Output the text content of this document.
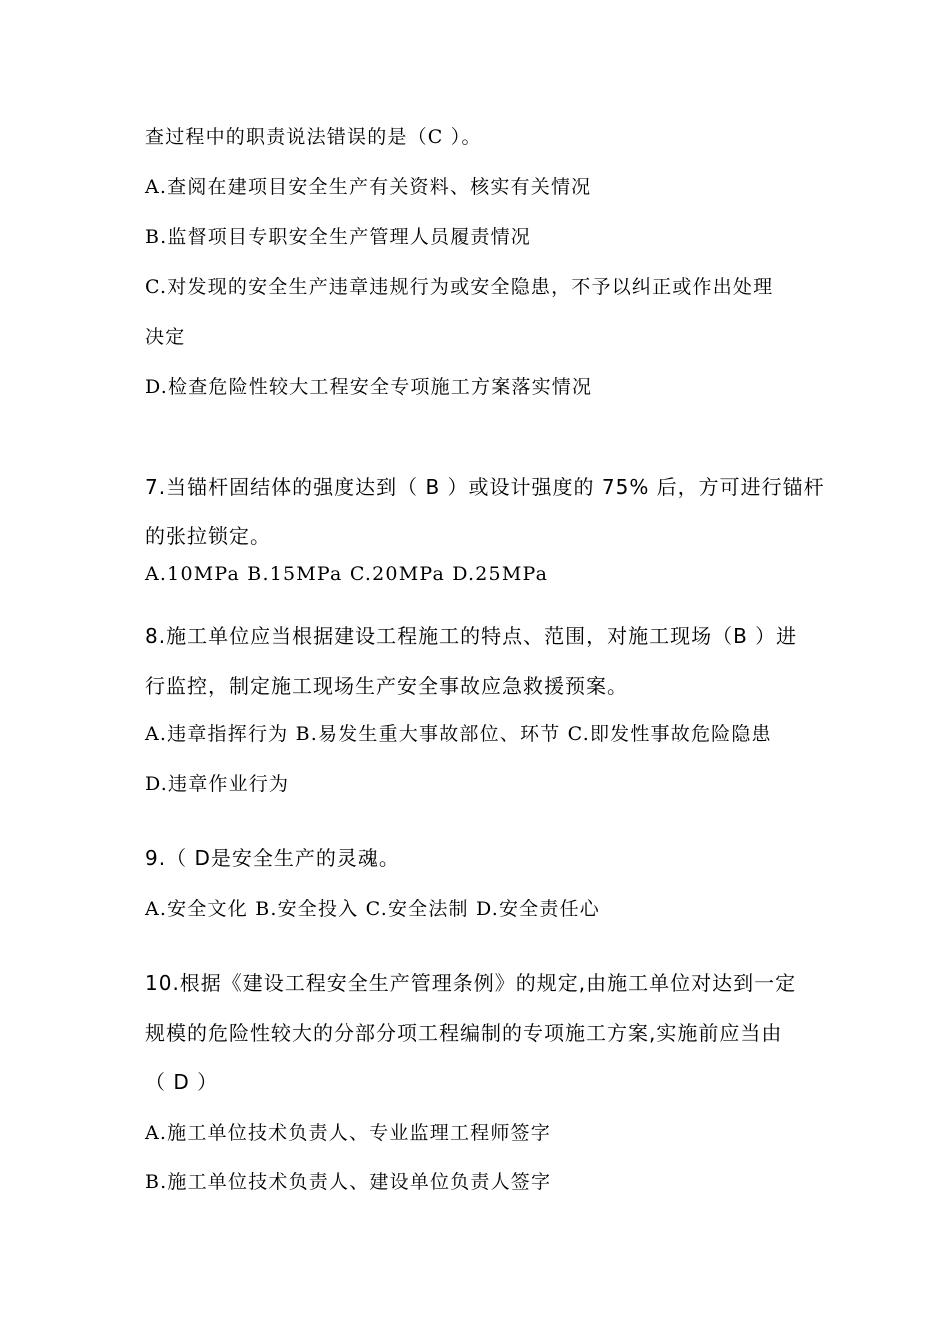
查过程中的职责说法错误的是（C ）。
A.查阅在建项目安全生产有关资料、核实有关情况
B.监督项目专职安全生产管理人员履责情况
C.对发现的安全生产违章违规行为或安全隐患，不予以纠正或作出处理
决定
D.检查危险性较大工程安全专项施工方案落实情况
7.当锚杆固结体的强度达到（ B ）或设计强度的 75% 后，方可进行锚杆
的张拉锁定。
A.10MPa B.15MPa C.20MPa D.25MPa
8.施工单位应当根据建设工程施工的特点、范围，对施工现场（B ）进
行监控，制定施工现场生产安全事故应急救援预案。
A.违章指挥行为 B.易发生重大事故部位、环节 C.即发性事故危险隐患
D.违章作业行为
9.（ D是安全生产的灵魂。
A.安全文化 B.安全投入 C.安全法制 D.安全责任心
10.根据《建设工程安全生产管理条例》的规定,由施工单位对达到一定
规模的危险性较大的分部分项工程编制的专项施工方案,实施前应当由
（ D ）
A.施工单位技术负责人、专业监理工程师签字
B.施工单位技术负责人、建设单位负责人签字
